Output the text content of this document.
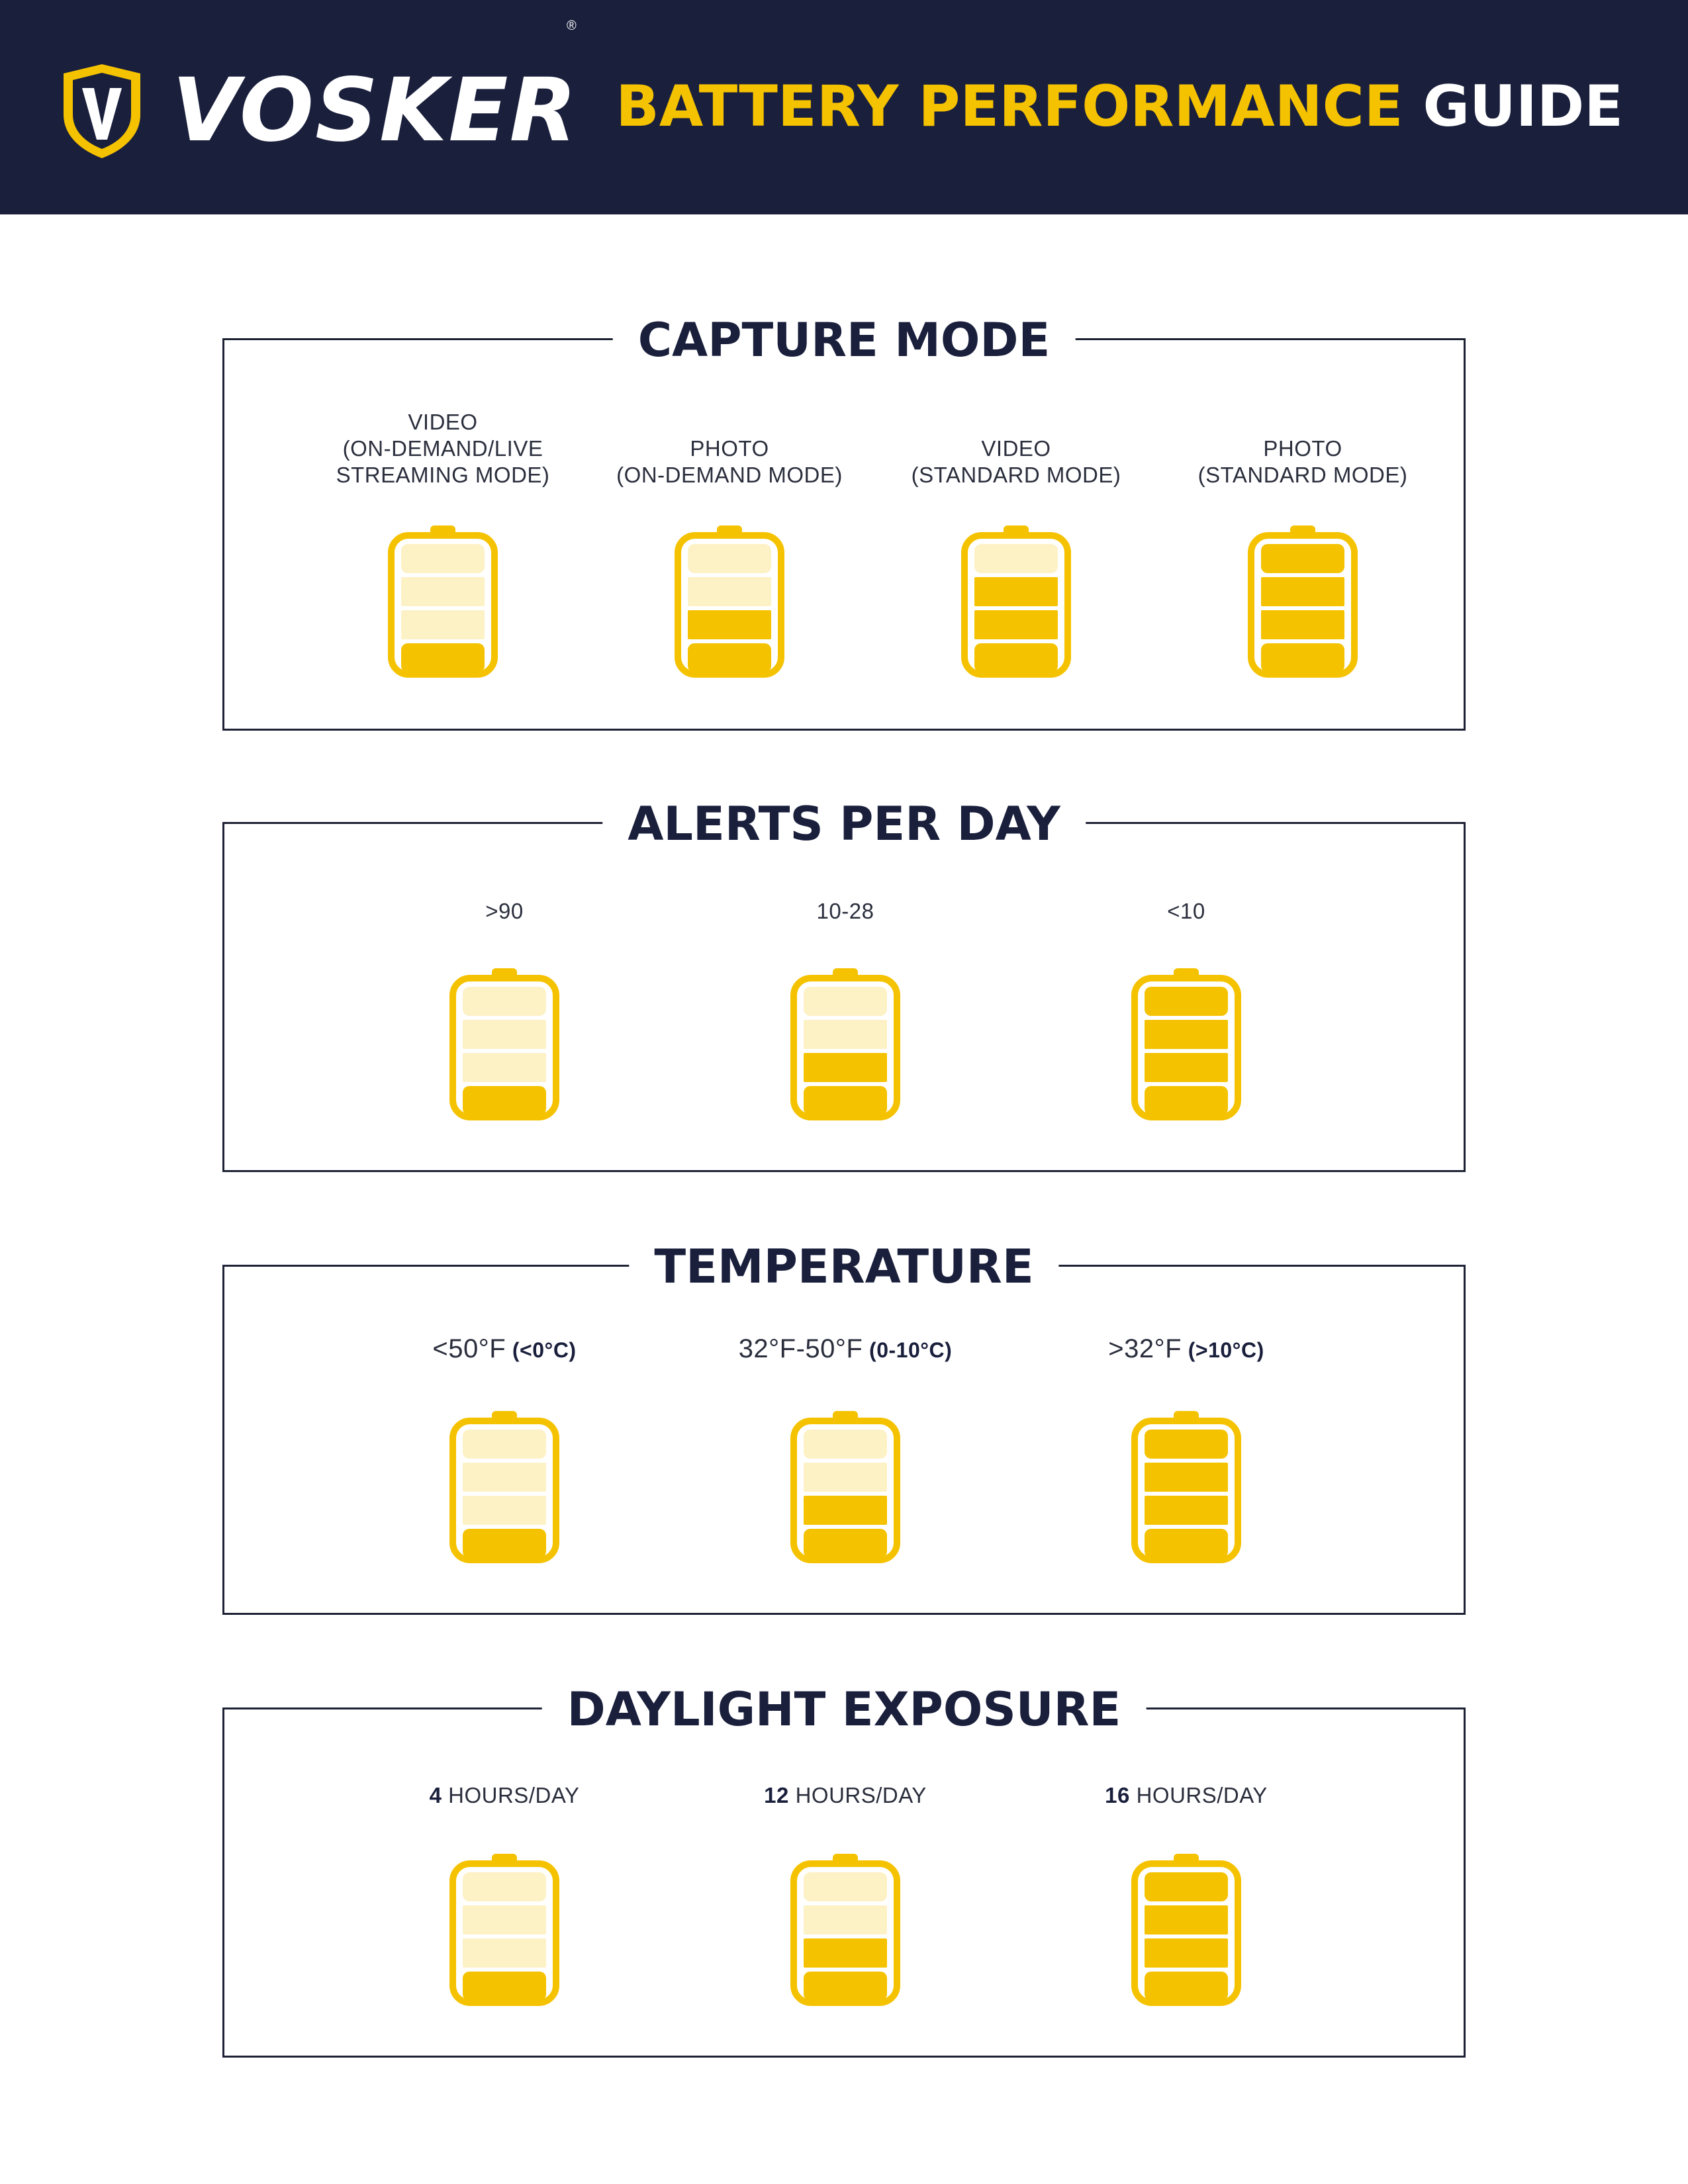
VOSKER
®
BATTERY PERFORMANCE GUIDE
CAPTURE MODE
VIDEO
(ON-DEMAND/LIVE
STREAMING MODE)
PHOTO
(ON-DEMAND MODE)
VIDEO
(STANDARD MODE)
PHOTO
(STANDARD MODE)
ALERTS PER DAY
>90	10-28	<10
TEMPERATURE
<50°F
(<0°C)	32°F-50°F
(0-10°C)	>32°F
(>10°C)
DAYLIGHT EXPOSURE
4
HOURS/DAY	12
HOURS/DAY	16
HOURS/DAY
